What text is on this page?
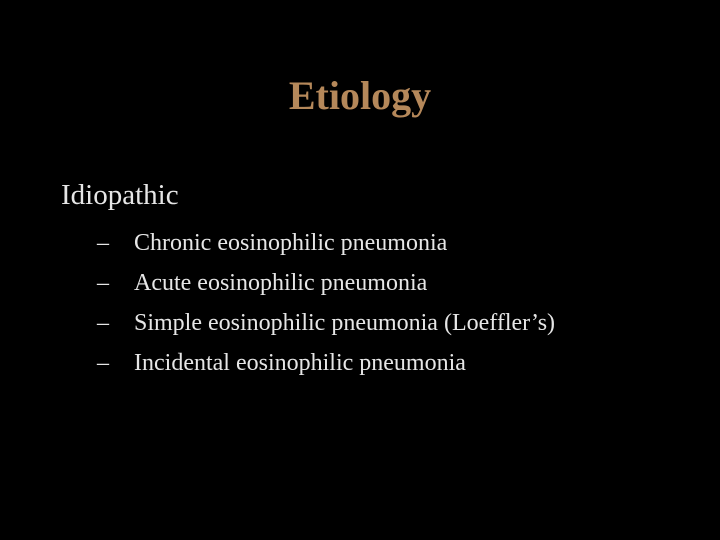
Etiology
Idiopathic
– Chronic eosinophilic pneumonia
– Acute eosinophilic pneumonia
– Simple eosinophilic pneumonia (Loeffler’s)
– Incidental eosinophilic pneumonia
